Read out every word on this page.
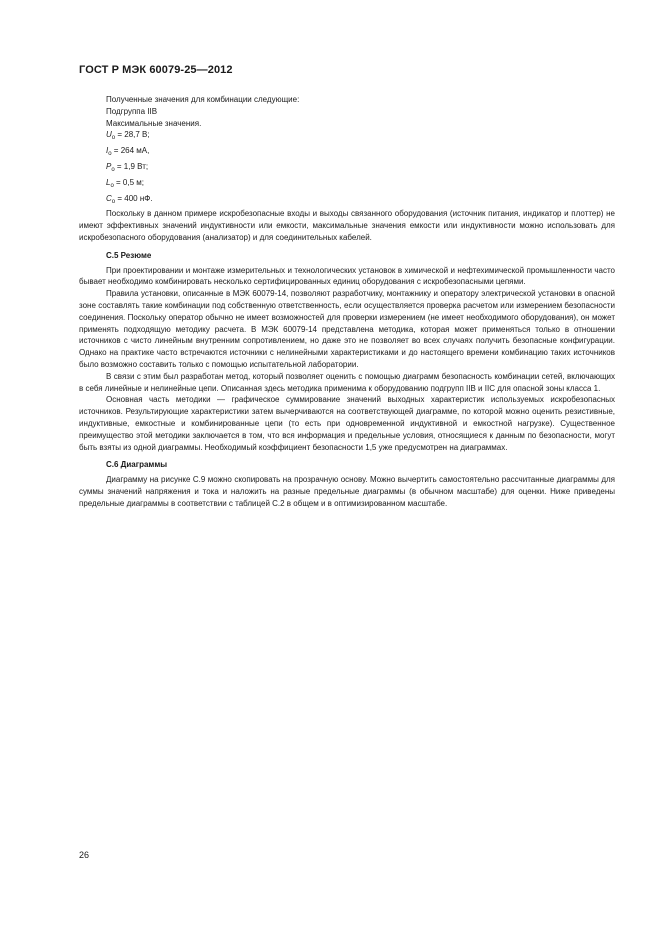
ГОСТ Р МЭК 60079-25—2012
Полученные значения для комбинации следующие:
Подгруппа IIB
Максимальные значения.
$U_o = 28,7$ В;
$I_o = 264$ мА,
$P_o = 1,9$ Вт;
$L_o = 0,5$ м;
$C_o = 400$ нФ.

Поскольку в данном примере искробезопасные входы и выходы связанного оборудования (источник питания, индикатор и плоттер) не имеют эффективных значений индуктивности или емкости, максимальные значения емкости или индуктивности можно использовать для искробезопасного оборудования (анализатор) и для соединительных кабелей.

С.5 Резюме

При проектировании и монтаже измерительных и технологических установок в химической и нефтехимической промышленности часто бывает необходимо комбинировать несколько сертифицированных единиц оборудования с искробезопасными цепями.

Правила установки, описанные в МЭК 60079-14, позволяют разработчику, монтажнику и оператору электрической установки в опасной зоне составлять такие комбинации под собственную ответственность, если осуществляется проверка расчетом или измерением безопасности соединения. Поскольку оператор обычно не имеет возможностей для проверки измерением (не имеет необходимого оборудования), он может применять подходящую методику расчета. В МЭК 60079-14 представлена методика, которая может применяться только в отношении источников с чисто линейным внутренним сопротивлением, но даже это не позволяет во всех случаях получить безопасные конфигурации. Однако на практике часто встречаются источники с нелинейными характеристиками и до настоящего времени комбинацию таких источников было возможно составить только с помощью испытательной лаборатории.

В связи с этим был разработан метод, который позволяет оценить с помощью диаграмм безопасность комбинации сетей, включающих в себя линейные и нелинейные цепи. Описанная здесь методика применима к оборудованию подгрупп IIB и IIC для опасной зоны класса 1.

Основная часть методики — графическое суммирование значений выходных характеристик используемых искробезопасных источников. Результирующие характеристики затем вычерчиваются на соответствующей диаграмме, по которой можно оценить резистивные, индуктивные, емкостные и комбинированные цепи (то есть при одновременной индуктивной и емкостной нагрузке). Существенное преимущество этой методики заключается в том, что вся информация и предельные условия, относящиеся к данным по безопасности, могут быть взяты из одной диаграммы. Необходимый коэффициент безопасности 1,5 уже предусмотрен на диаграммах.

С.6 Диаграммы

Диаграмму на рисунке С.9 можно скопировать на прозрачную основу. Можно вычертить самостоятельно рассчитанные диаграммы для суммы значений напряжения и тока и наложить на разные предельные диаграммы (в обычном масштабе) для оценки. Ниже приведены предельные диаграммы в соответствии с таблицей С.2 в общем и в оптимизированном масштабе.

26
